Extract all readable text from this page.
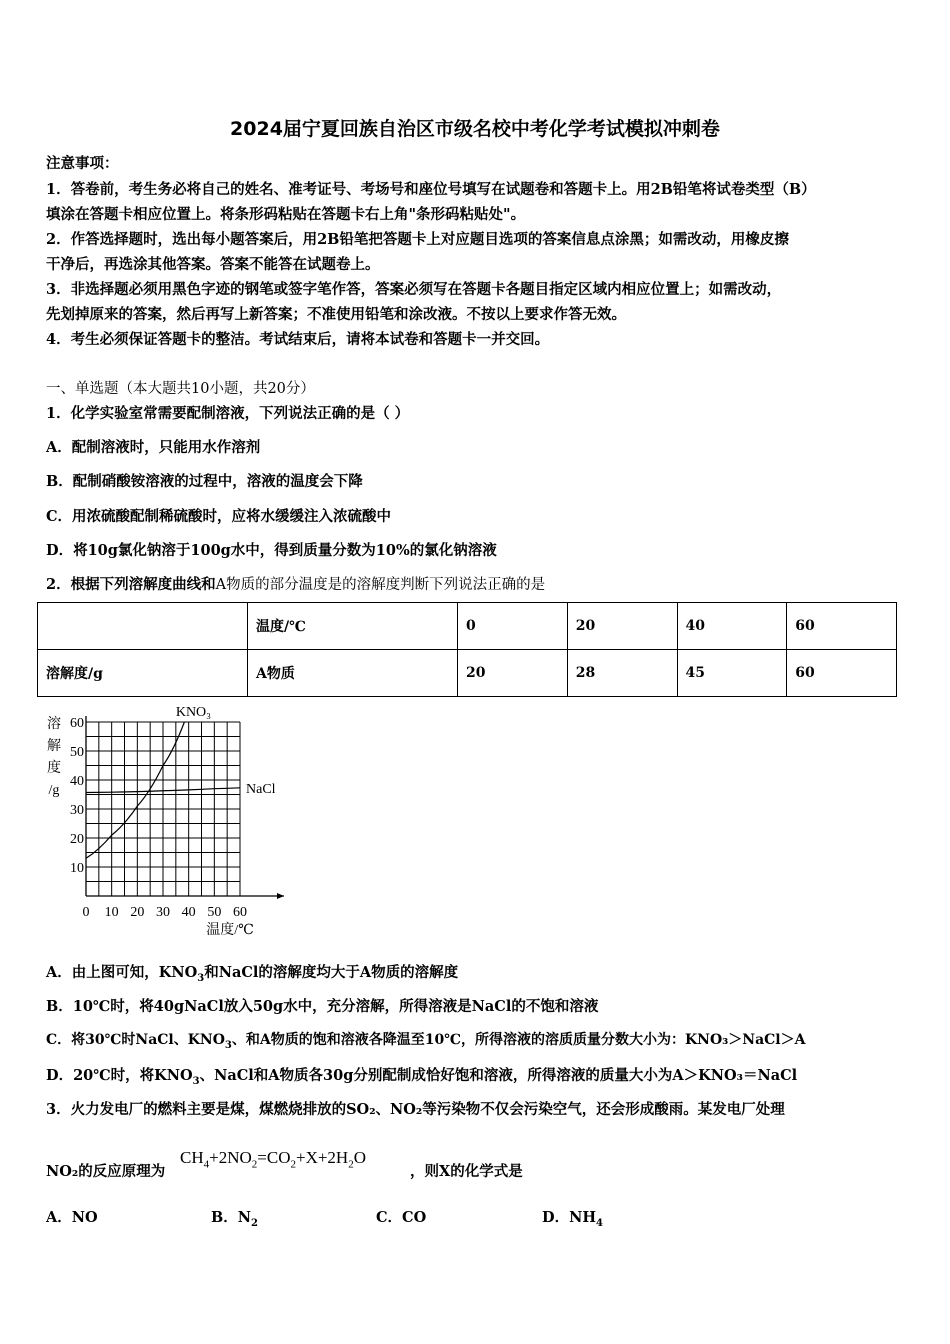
2024届宁夏回族自治区市级名校中考化学考试模拟冲刺卷
注意事项：
1．答卷前，考生务必将自己的姓名、准考证号、考场号和座位号填写在试题卷和答题卡上。用2B铅笔将试卷类型（B）
填涂在答题卡相应位置上。将条形码粘贴在答题卡右上角"条形码粘贴处"。
2．作答选择题时，选出每小题答案后，用2B铅笔把答题卡上对应题目选项的答案信息点涂黑；如需改动，用橡皮擦
干净后，再选涂其他答案。答案不能答在试题卷上。
3．非选择题必须用黑色字迹的钢笔或签字笔作答，答案必须写在答题卡各题目指定区域内相应位置上；如需改动，
先划掉原来的答案，然后再写上新答案；不准使用铅笔和涂改液。不按以上要求作答无效。
4．考生必须保证答题卡的整洁。考试结束后，请将本试卷和答题卡一并交回。
一、单选题（本大题共10小题，共20分）
1．化学实验室常需要配制溶液，下列说法正确的是（ ）
A．配制溶液时，只能用水作溶剂
B．配制硝酸铵溶液的过程中，溶液的温度会下降
C．用浓硫酸配制稀硫酸时，应将水缓缓注入浓硫酸中
D．将10g氯化钠溶于100g水中，得到质量分数为10%的氯化钠溶液
2．根据下列溶解度曲线和A物质的部分温度是的溶解度判断下列说法正确的是
	温度/℃	0	20	40	60
溶解度/g	A物质	20	28	45	60
0 10 20 30 40 50 60
10
20
30
40
50
60
溶
解
度
/g
温度/℃
KNO₃
NaCl
A．由上图可知，$KNO_3$和NaCl的溶解度均大于A物质的溶解度
B．10℃时，将40gNaCl放入50g水中，充分溶解，所得溶液是NaCl的不饱和溶液
C．将30℃时NaCl、$KNO_3$、和A物质的饱和溶液各降温至10℃，所得溶液的溶质质量分数大小为：KNO₃＞NaCl＞A
D．20℃时，将$KNO_3$、NaCl和A物质各30g分别配制成恰好饱和溶液，所得溶液的质量大小为A＞KNO₃＝NaCl
3．火力发电厂的燃料主要是煤，煤燃烧排放的SO₂、NO₂等污染物不仅会污染空气，还会形成酸雨。某发电厂处理
NO₂的反应原理为
$CH_4+2NO_2=CO_2+X+2H_2O$
，则X的化学式是
A．NO	B．$N_2$	C．CO	D．$NH_4$
